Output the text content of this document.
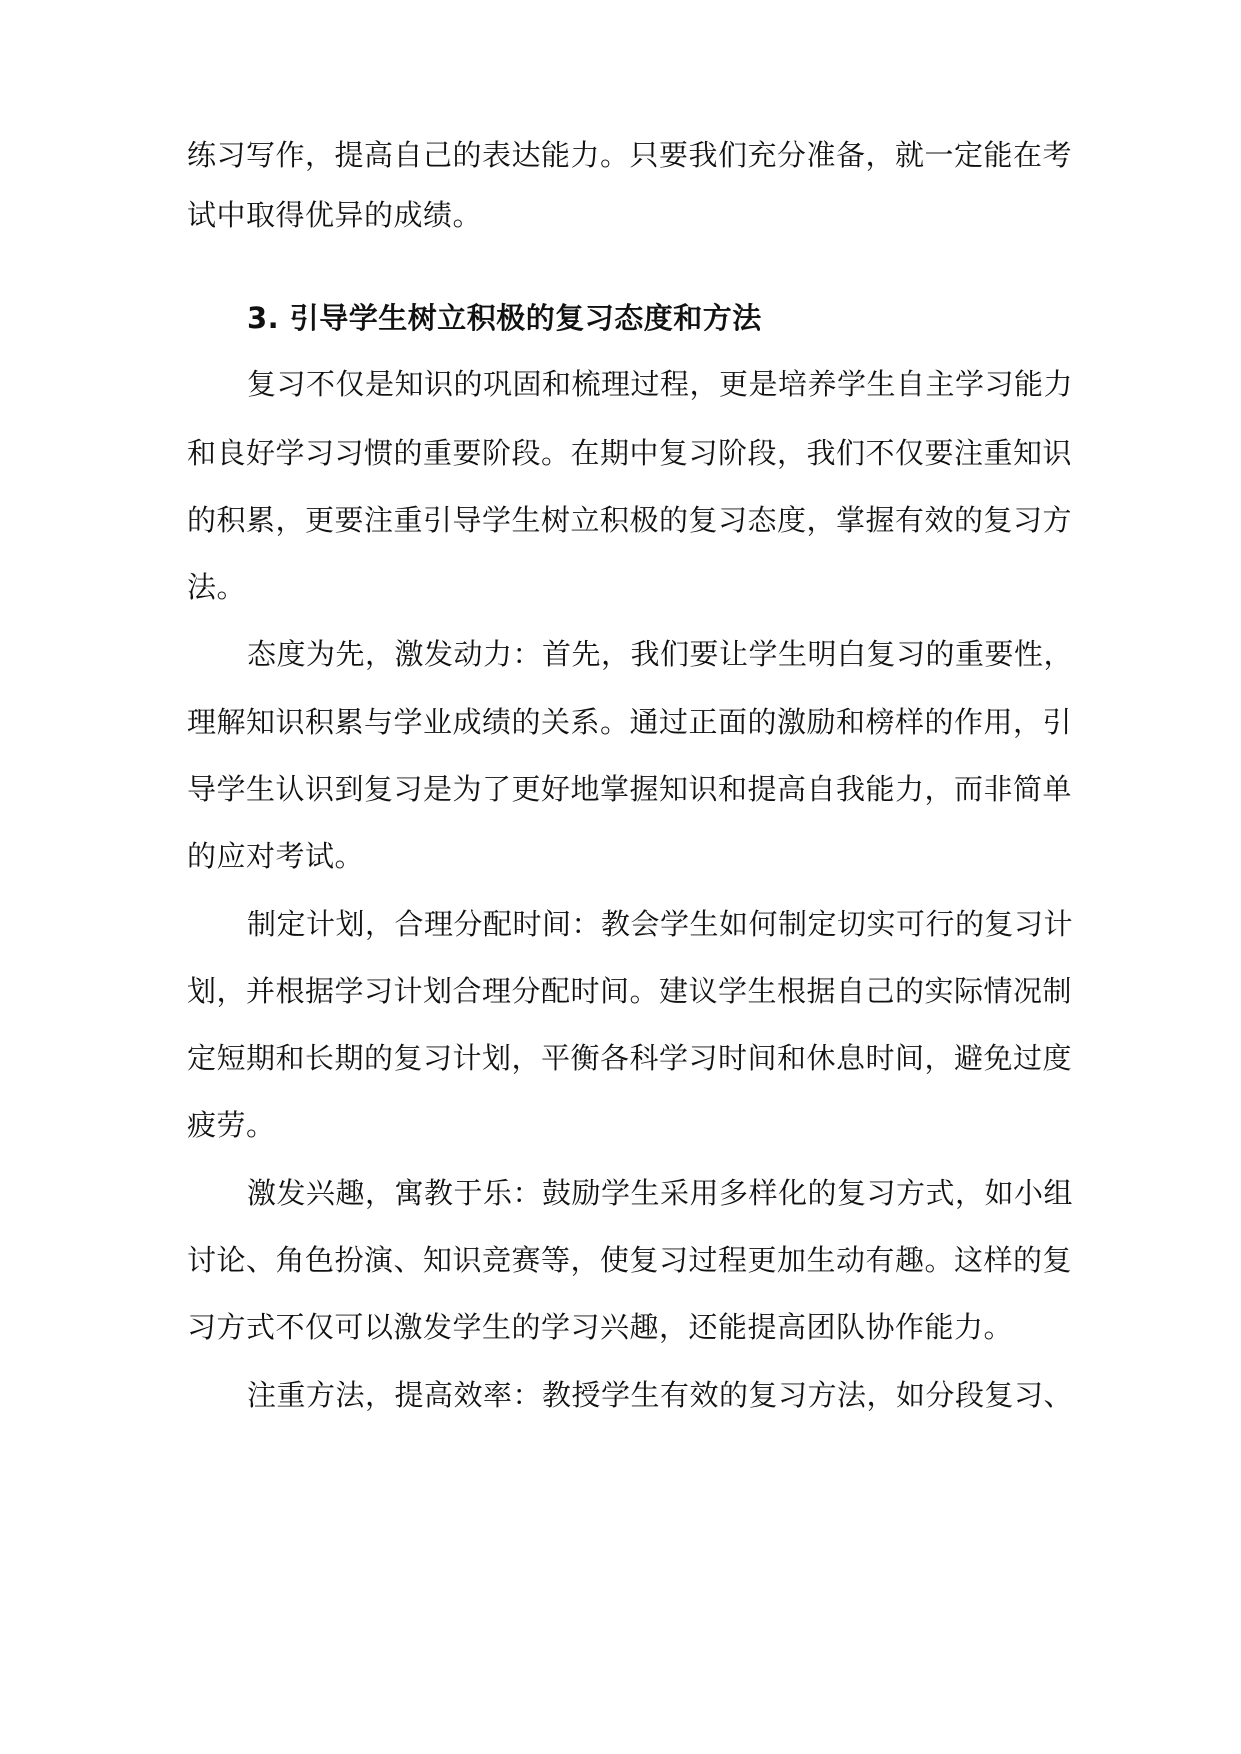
练习写作，提高自己的表达能力。只要我们充分准备，就一定能在考
试中取得优异的成绩。
3. 引导学生树立积极的复习态度和方法
复习不仅是知识的巩固和梳理过程，更是培养学生自主学习能力
和良好学习习惯的重要阶段。在期中复习阶段，我们不仅要注重知识
的积累，更要注重引导学生树立积极的复习态度，掌握有效的复习方
法。
态度为先，激发动力：首先，我们要让学生明白复习的重要性，
理解知识积累与学业成绩的关系。通过正面的激励和榜样的作用，引
导学生认识到复习是为了更好地掌握知识和提高自我能力，而非简单
的应对考试。
制定计划，合理分配时间：教会学生如何制定切实可行的复习计
划，并根据学习计划合理分配时间。建议学生根据自己的实际情况制
定短期和长期的复习计划，平衡各科学习时间和休息时间，避免过度
疲劳。
激发兴趣，寓教于乐：鼓励学生采用多样化的复习方式，如小组
讨论、角色扮演、知识竞赛等，使复习过程更加生动有趣。这样的复
习方式不仅可以激发学生的学习兴趣，还能提高团队协作能力。
注重方法，提高效率：教授学生有效的复习方法，如分段复习、
